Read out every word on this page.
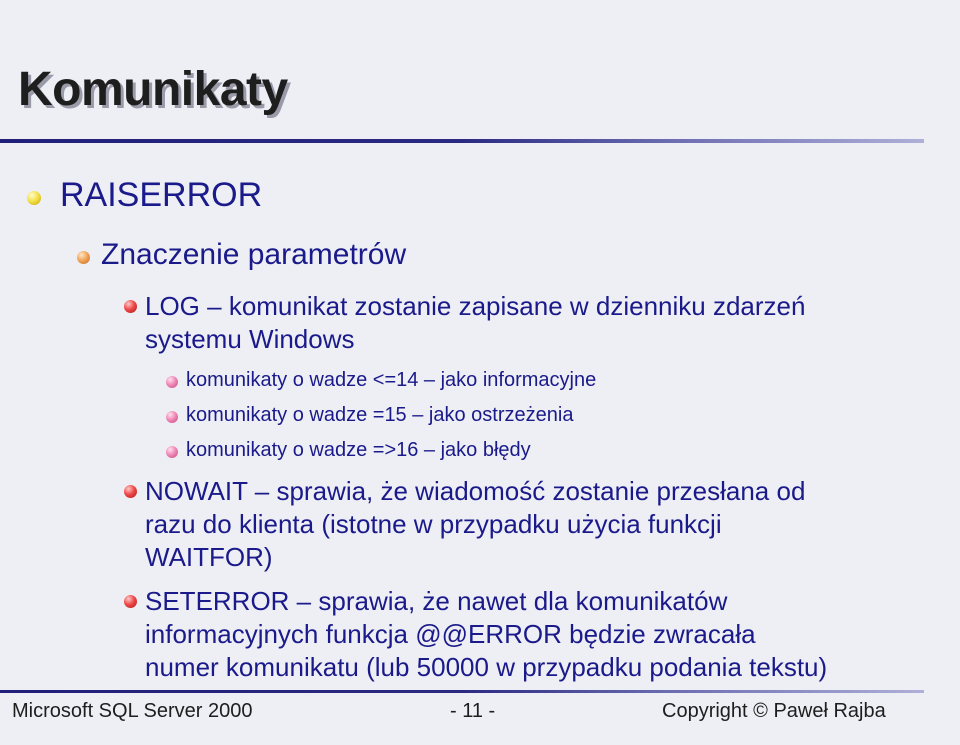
Komunikaty
RAISERROR
Znaczenie parametrów
LOG – komunikat zostanie zapisane w dzienniku zdarzeń
systemu Windows
komunikaty o wadze <=14 – jako informacyjne
komunikaty o wadze =15 – jako ostrzeżenia
komunikaty o wadze =>16 – jako błędy
NOWAIT – sprawia, że wiadomość zostanie przesłana od
razu do klienta (istotne w przypadku użycia funkcji
WAITFOR)
SETERROR – sprawia, że nawet dla komunikatów
informacyjnych funkcja @@ERROR będzie zwracała
numer komunikatu (lub 50000 w przypadku podania tekstu)
Microsoft SQL Server 2000	- 11 -	Copyright © Paweł Rajba
